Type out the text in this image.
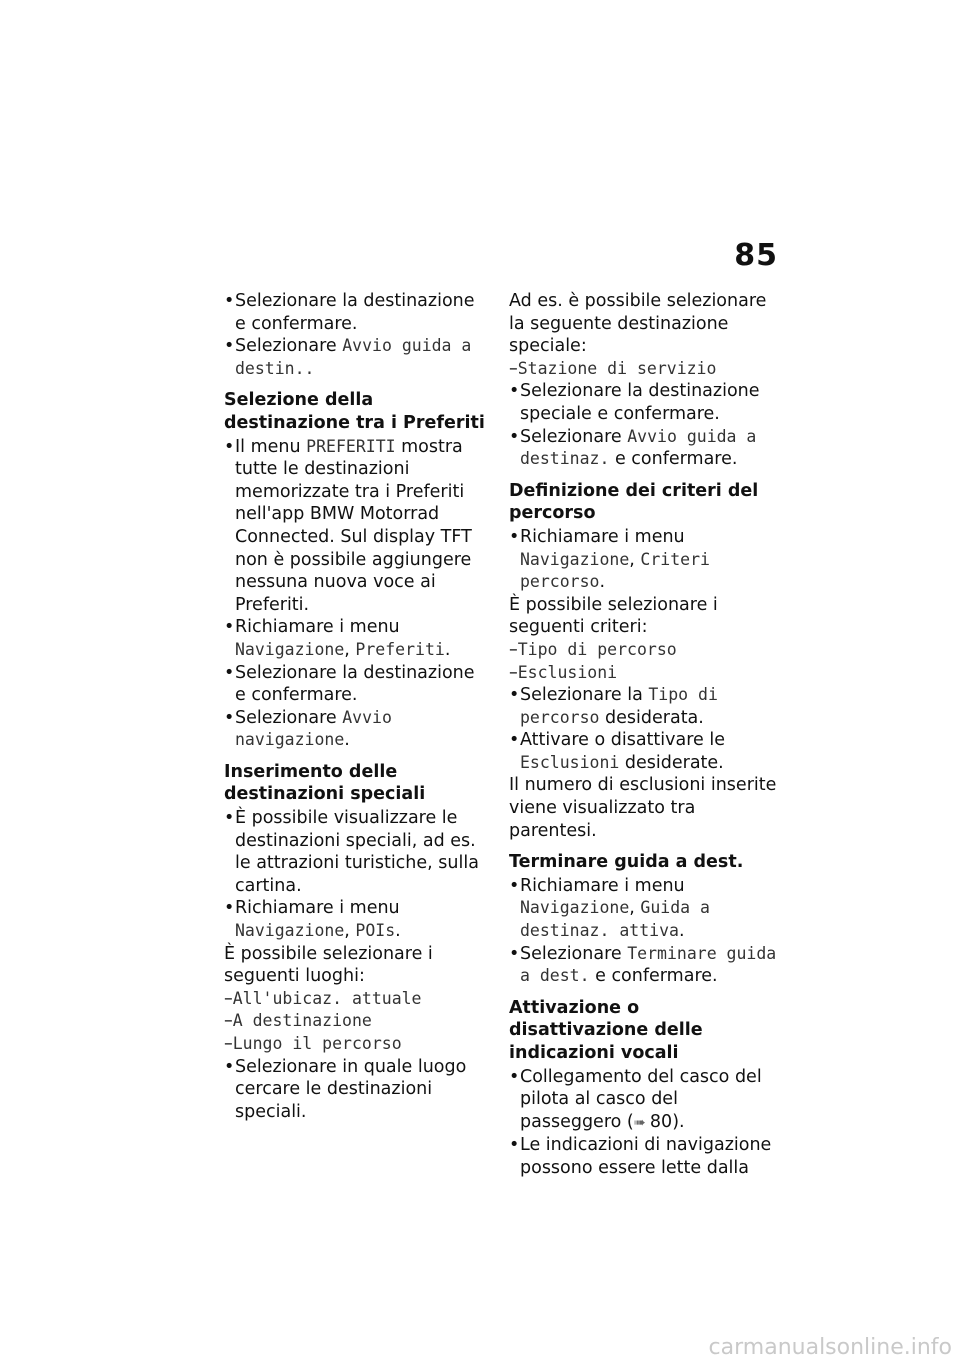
85

• Selezionare la destinazione e confermare.

• Selezionare Avvio guida a destin..

Selezione della destinazione tra i Preferiti

• Il menu PREFERITI mostra tutte le destinazioni memorizzate tra i Preferiti nell'app BMW Motorrad Connected. Sul display TFT non è possibile aggiungere nessuna nuova voce ai Preferiti.

• Richiamare i menu Navigazione, Preferiti.

• Selezionare la destinazione e confermare.

• Selezionare Avvio navigazione.

Inserimento delle destinazioni speciali

• È possibile visualizzare le destinazioni speciali, ad es. le attrazioni turistiche, sulla cartina.

• Richiamare i menu Navigazione, POIs.

È possibile selezionare i seguenti luoghi:

–All'ubicaz. attuale

–A destinazione

–Lungo il percorso

• Selezionare in quale luogo cercare le destinazioni speciali.

Ad es. è possibile selezionare la seguente destinazione speciale:

–Stazione di servizio

• Selezionare la destinazione speciale e confermare.

• Selezionare Avvio guida a destinaz. e confermare.

Definizione dei criteri del percorso

• Richiamare i menu Navigazione, Criteri percorso.

È possibile selezionare i seguenti criteri:

–Tipo di percorso

–Esclusioni

• Selezionare la Tipo di percorso desiderata.

• Attivare o disattivare le Esclusioni desiderate.

Il numero di esclusioni inserite viene visualizzato tra parentesi.

Terminare guida a dest.

• Richiamare i menu Navigazione, Guida a destinaz. attiva.

• Selezionare Terminare guida a dest. e confermare.

Attivazione o disattivazione delle indicazioni vocali

• Collegamento del casco del pilota al casco del passeggero (➠ 80).

• Le indicazioni di navigazione possono essere lette dalla

carmanualsonline.info
